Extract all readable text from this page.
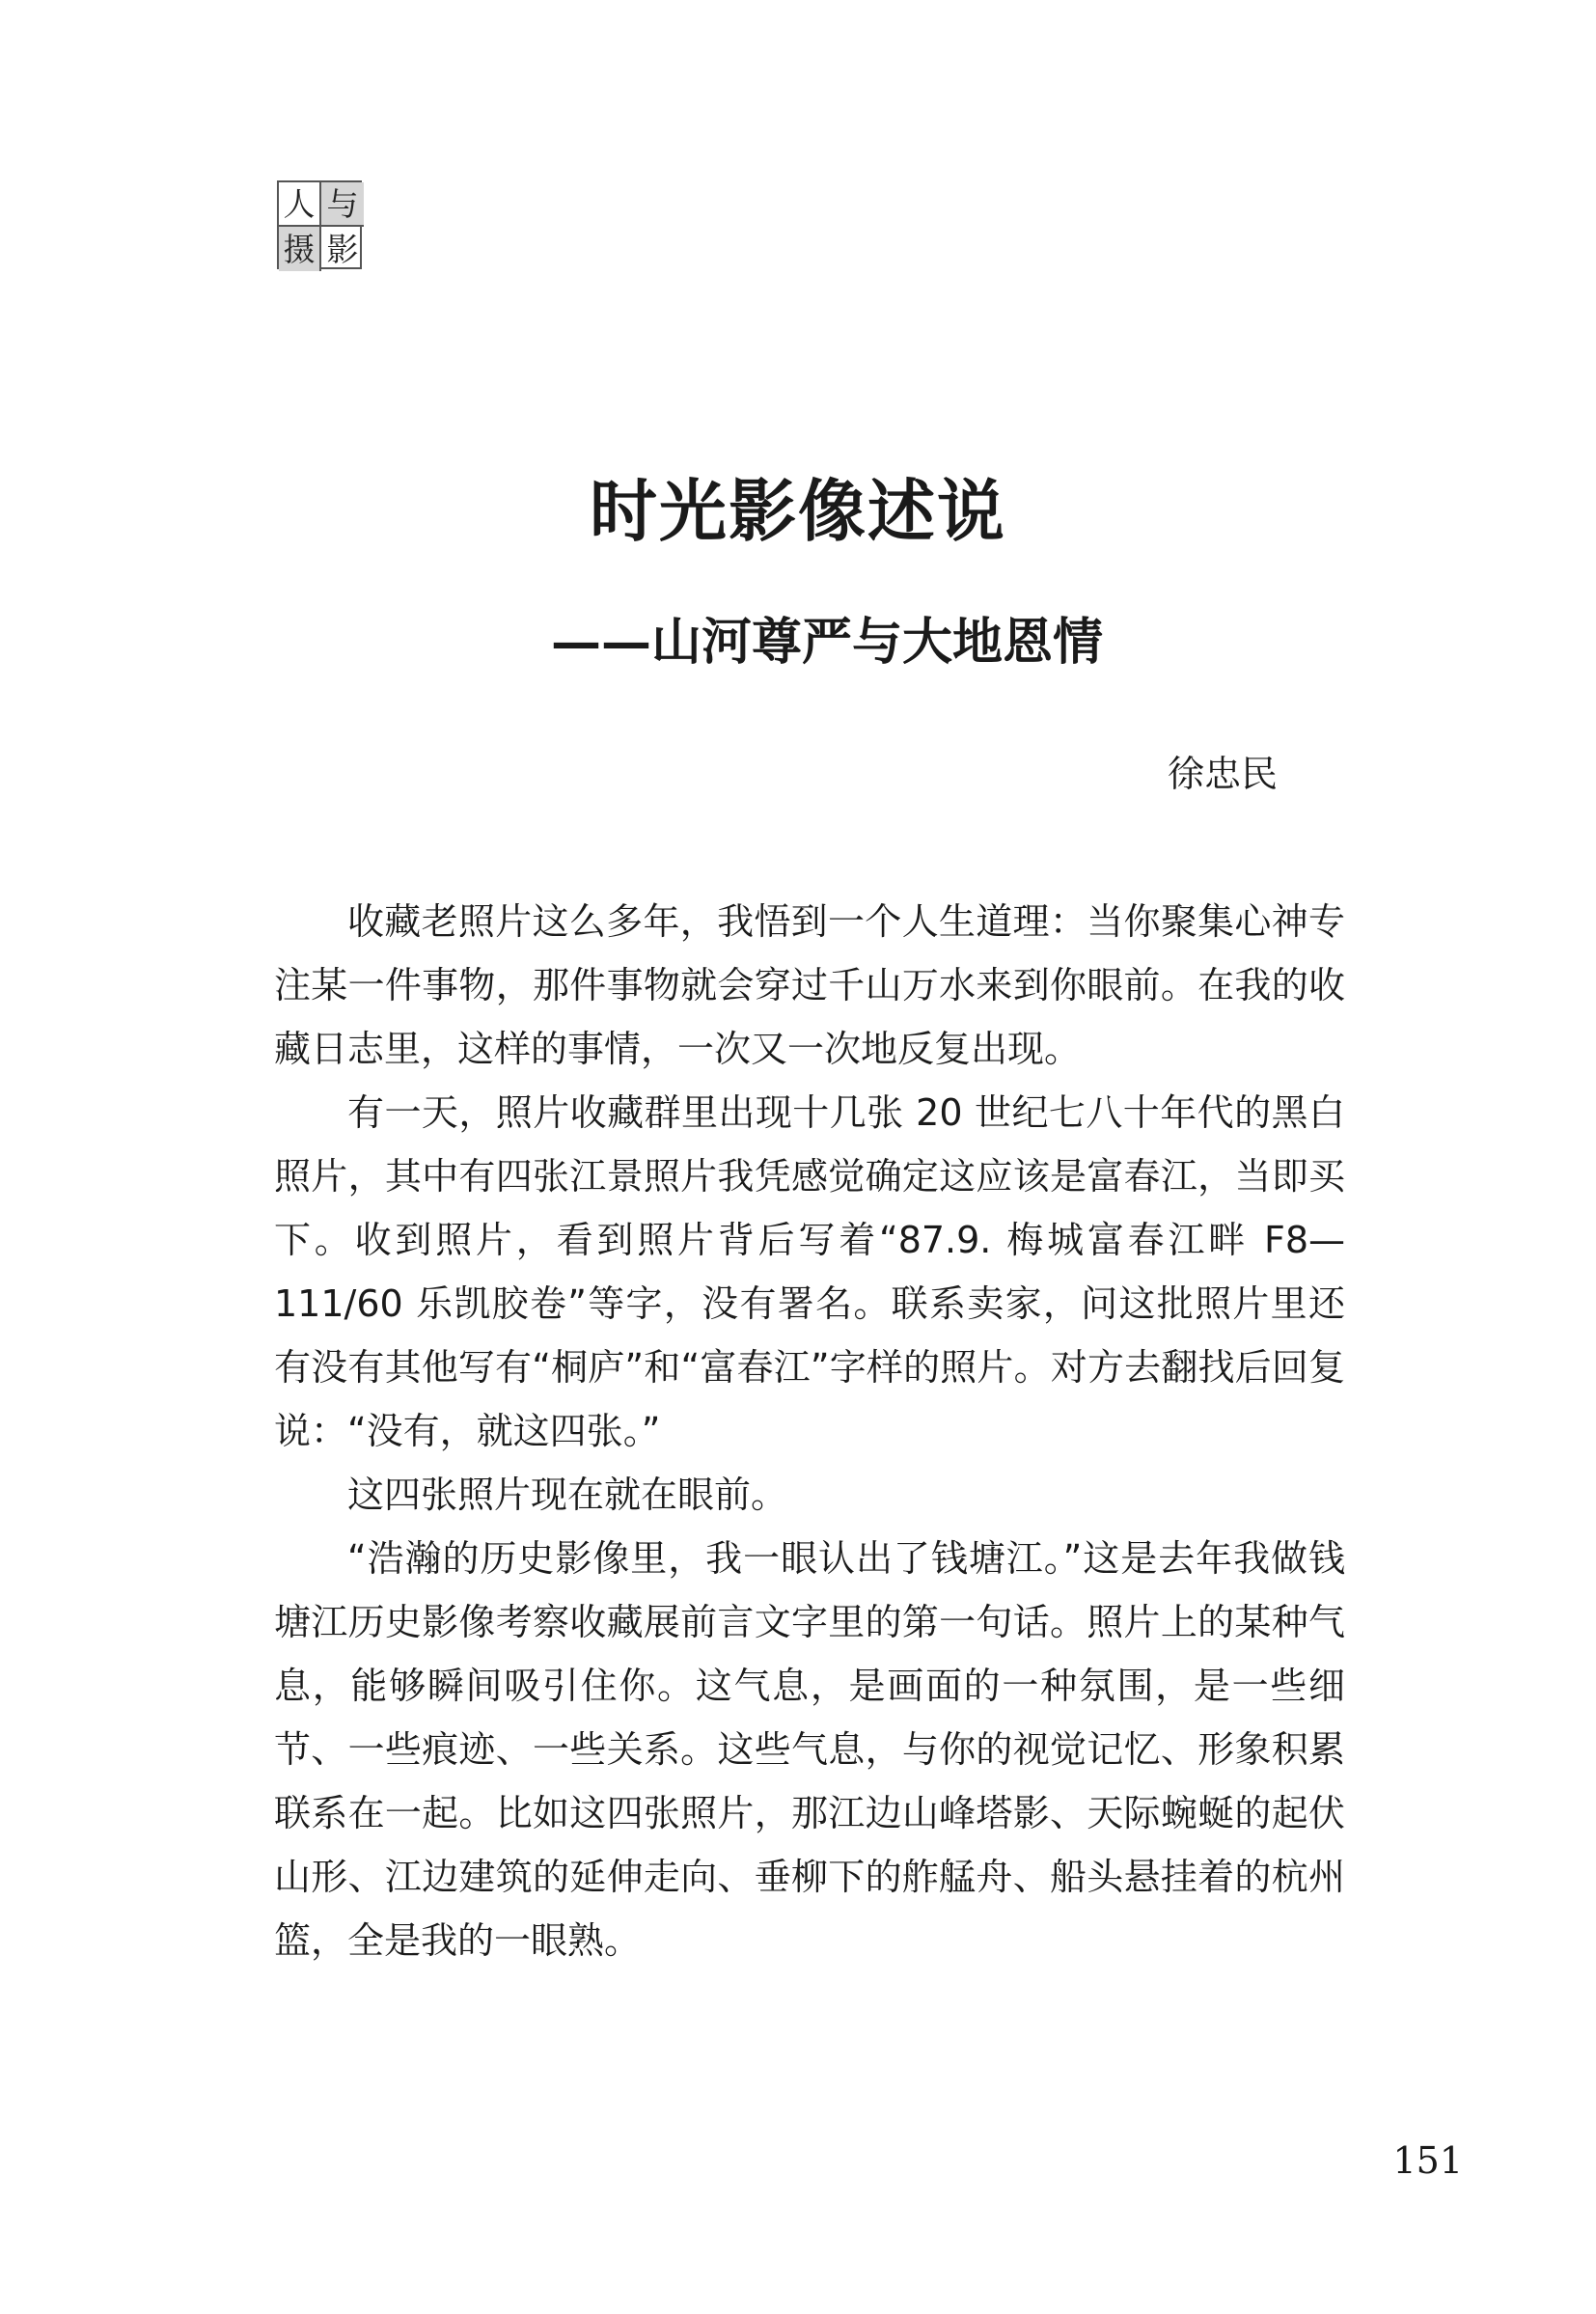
人 与
摄 影
时光影像述说
——山河尊严与大地恩情
徐忠民

收藏老照片这么多年，我悟到一个人生道理：当你聚集心神专注某一件事物，那件事物就会穿过千山万水来到你眼前。在我的收藏日志里，这样的事情，一次又一次地反复出现。

有一天，照片收藏群里出现十几张 20 世纪七八十年代的黑白照片，其中有四张江景照片我凭感觉确定这应该是富春江，当即买下。收到照片，看到照片背后写着“87.9. 梅城富春江畔 F8—111/60 乐凯胶卷”等字，没有署名。联系卖家，问这批照片里还有没有其他写有“桐庐”和“富春江”字样的照片。对方去翻找后回复说：“没有，就这四张。”

这四张照片现在就在眼前。

“浩瀚的历史影像里，我一眼认出了钱塘江。”这是去年我做钱塘江历史影像考察收藏展前言文字里的第一句话。照片上的某种气息，能够瞬间吸引住你。这气息，是画面的一种氛围，是一些细节、一些痕迹、一些关系。这些气息，与你的视觉记忆、形象积累联系在一起。比如这四张照片，那江边山峰塔影、天际蜿蜒的起伏山形、江边建筑的延伸走向、垂柳下的舴艋舟、船头悬挂着的杭州篮，全是我的一眼熟。

151
